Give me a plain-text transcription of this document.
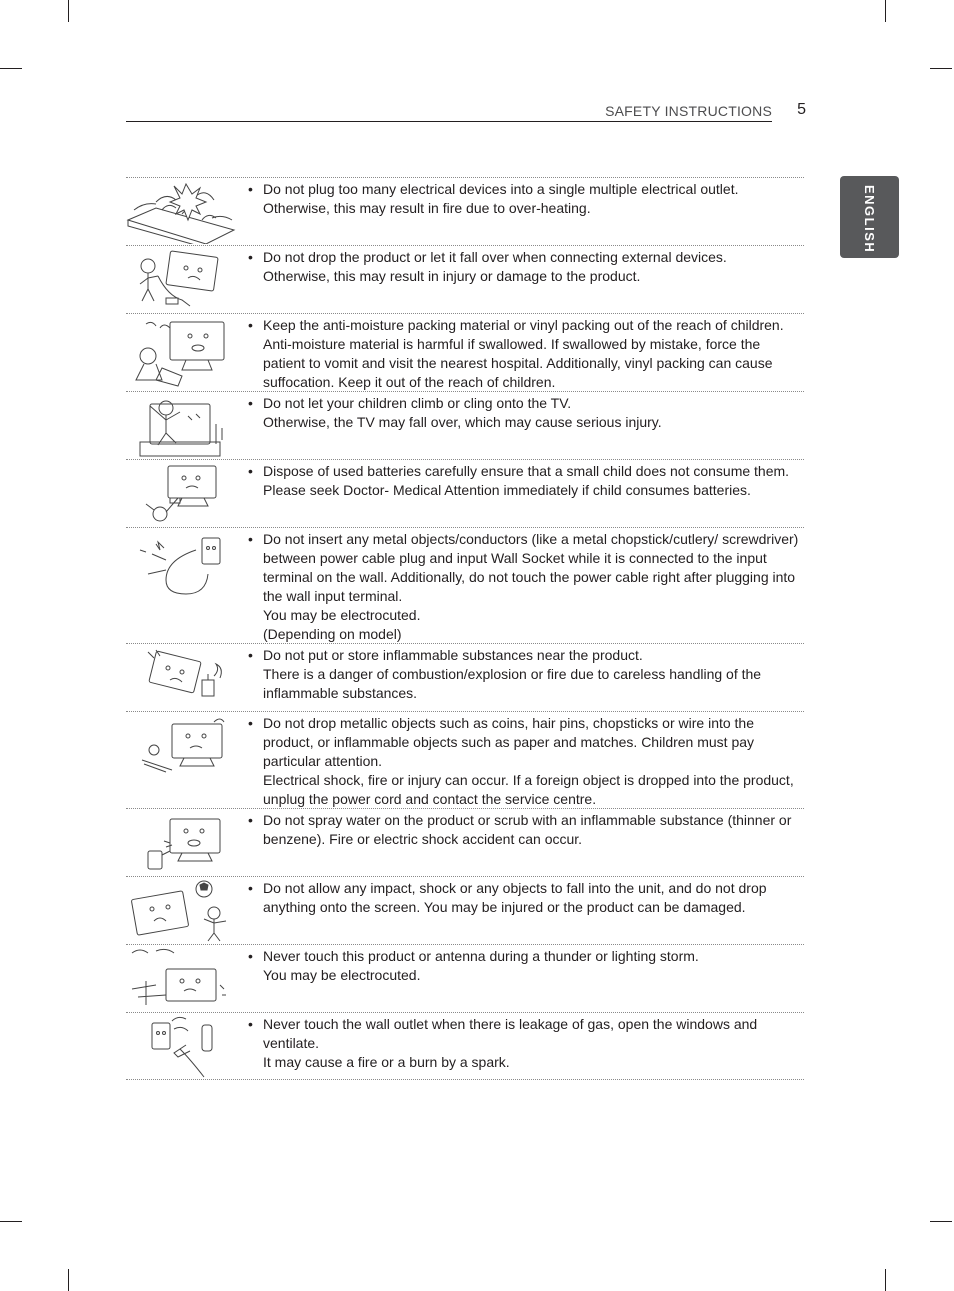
SAFETY INSTRUCTIONS 5
ENGLISH
• Do not plug too many electrical devices into a single multiple electrical outlet.
Otherwise, this may result in fire due to over-heating.

• Do not drop the product or let it fall over when connecting external devices.
Otherwise, this may result in injury or damage to the product.

• Keep the anti-moisture packing material or vinyl packing out of the reach of children. Anti-moisture material is harmful if swallowed. If swallowed by mistake, force the patient to vomit and visit the nearest hospital. Additionally, vinyl packing can cause suffocation. Keep it out of the reach of children.

• Do not let your children climb or cling onto the TV.
Otherwise, the TV may fall over, which may cause serious injury.

• Dispose of used batteries carefully ensure that a small child does not consume them.
Please seek Doctor- Medical Attention immediately if child consumes batteries.

• Do not insert any metal objects/conductors (like a metal chopstick/cutlery/ screwdriver) between power cable plug and input Wall Socket while it is connected to the input terminal on the wall. Additionally, do not touch the power cable right after plugging into the wall input terminal.
You may be electrocuted.
(Depending on model)

• Do not put or store inflammable substances near the product.
There is a danger of combustion/explosion or fire due to careless handling of the inflammable substances.

• Do not drop metallic objects such as coins, hair pins, chopsticks or wire into the product, or inflammable objects such as paper and matches. Children must pay particular attention.
Electrical shock, fire or injury can occur. If a foreign object is dropped into the product, unplug the power cord and contact the service centre.

• Do not spray water on the product or scrub with an inflammable substance (thinner or benzene). Fire or electric shock accident can occur.

• Do not allow any impact, shock or any objects to fall into the unit, and do not drop anything onto the screen. You may be injured or the product can be damaged.

• Never touch this product or antenna during a thunder or lighting storm.
You may be electrocuted.

• Never touch the wall outlet when there is leakage of gas, open the windows and ventilate.
It may cause a fire or a burn by a spark.
